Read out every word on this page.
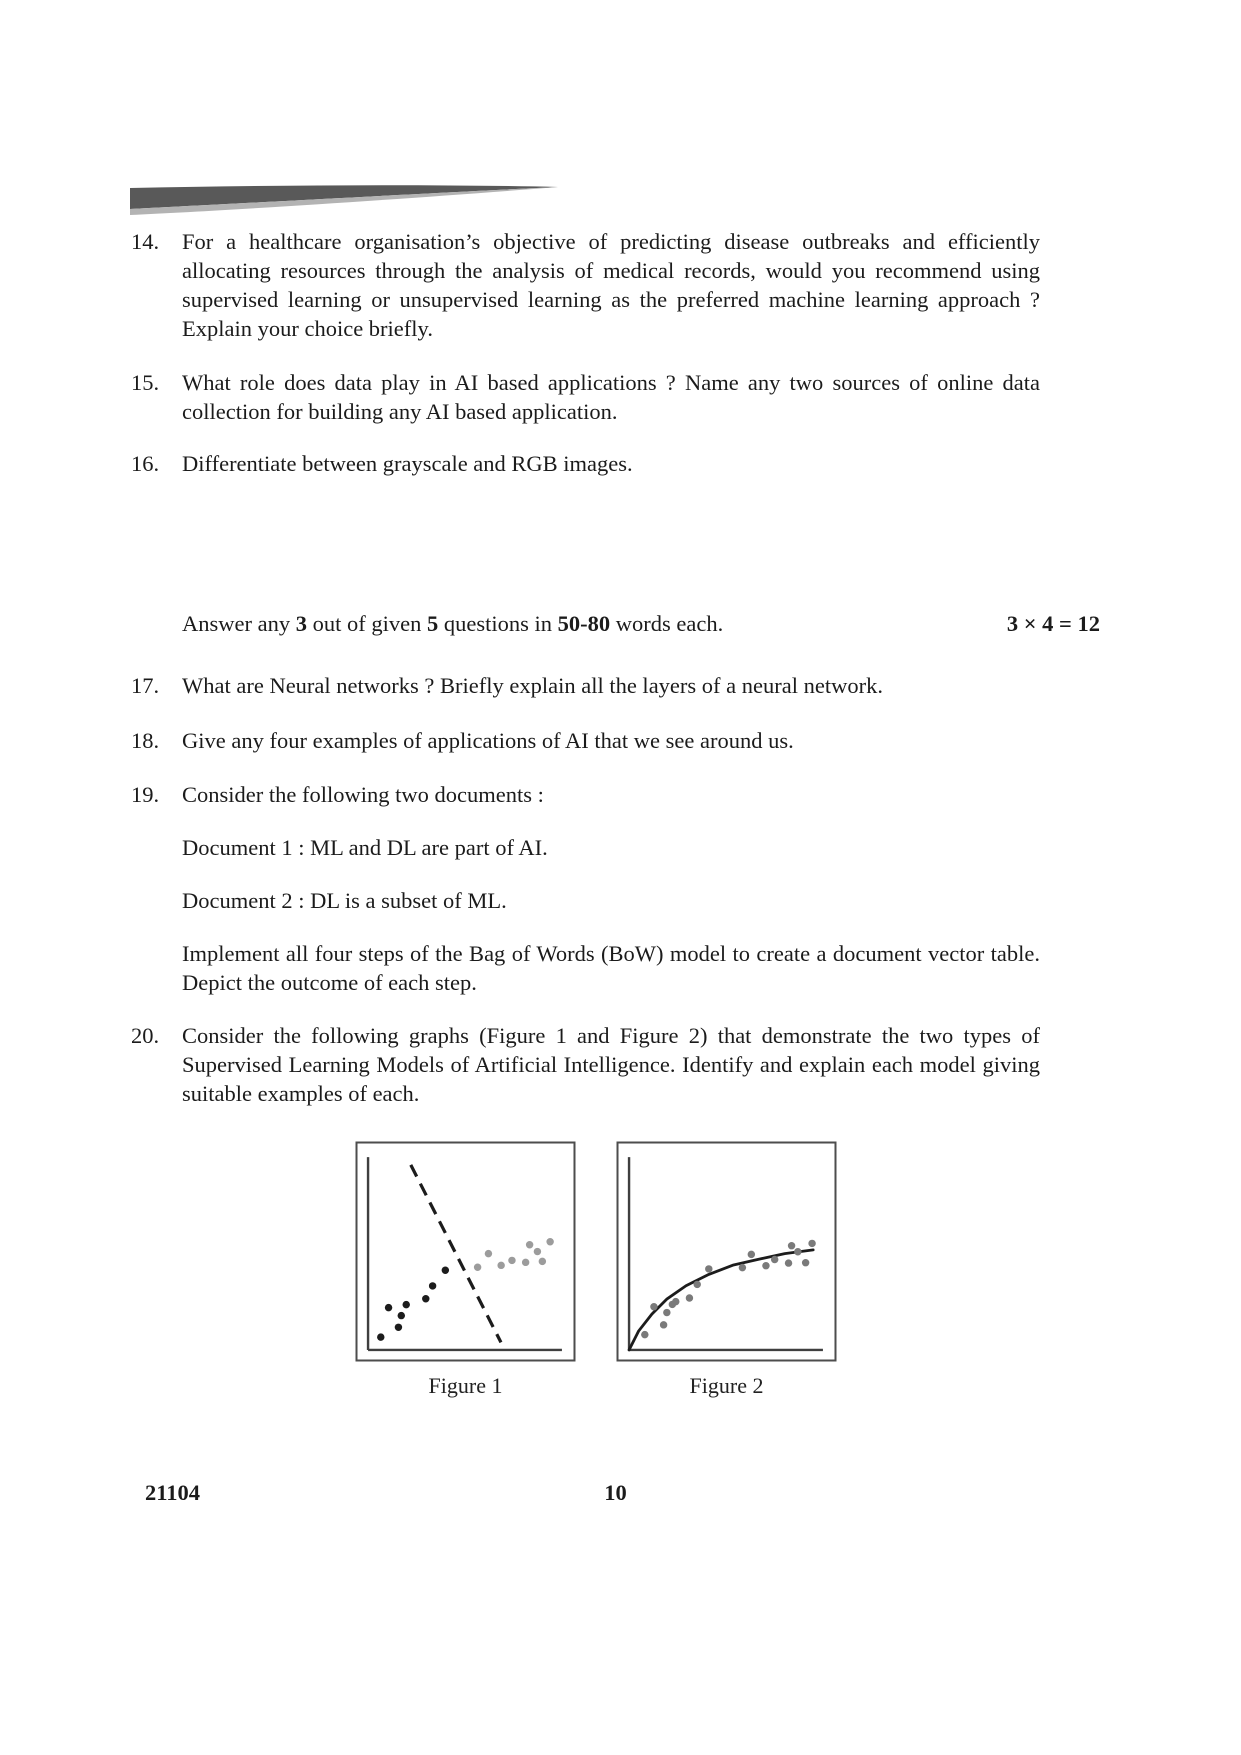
14.	For a healthcare organisation’s objective of predicting disease outbreaks and efficiently allocating resources through the analysis of medical records, would you recommend using supervised learning or unsupervised learning as the preferred machine learning approach ? Explain your choice briefly.

15.	What role does data play in AI based applications ? Name any two sources of online data collection for building any AI based application.

16.	Differentiate between grayscale and RGB images.

Answer any 3 out of given 5 questions in 50-80 words each.	3 × 4 = 12
17.	What are Neural networks ? Briefly explain all the layers of a neural network.

18.	Give any four examples of applications of AI that we see around us.

19.	Consider the following two documents :

Document 1 : ML and DL are part of AI.

Document 2 : DL is a subset of ML.

Implement all four steps of the Bag of Words (BoW) model to create a document vector table. Depict the outcome of each step.

20.	Consider the following graphs (Figure 1 and Figure 2) that demonstrate the two types of Supervised Learning Models of Artificial Intelligence. Identify and explain each model giving suitable examples of each.

Figure 1	Figure 2
21104	10
